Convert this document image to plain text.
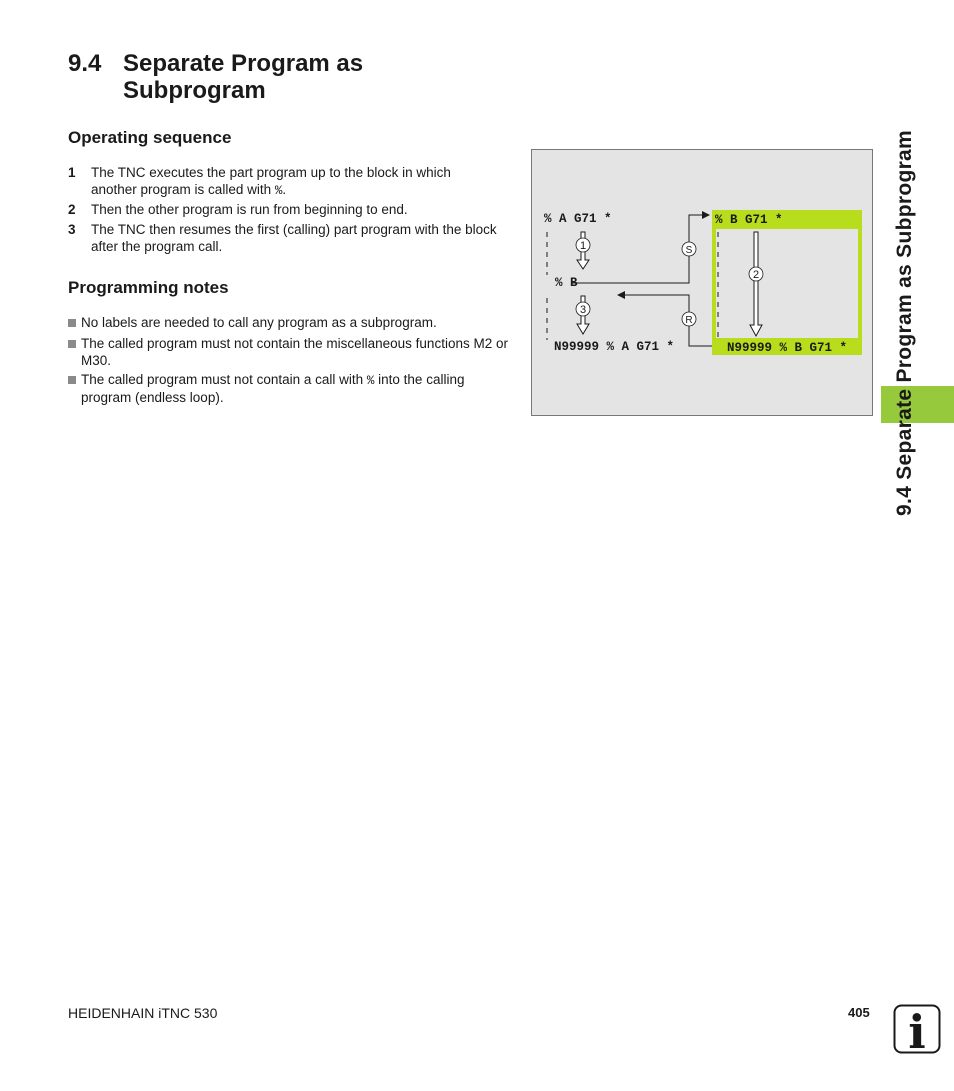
9.4 Separate Program as
Subprogram
Operating sequence
1 The TNC executes the part program up to the block in which another program is called with %.
2 Then the other program is run from beginning to end.
3 The TNC then resumes the first (calling) part program with the block after the program call.
Programming notes
No labels are needed to call any program as a subprogram.
The called program must not contain the miscellaneous functions M2 or M30.
The called program must not contain a call with % into the calling program (endless loop).
% A G71 *
% B
N99999 % A G71 *
% B G71 *
N99999 % B G71 *
1
3
2
S
R	9.4 Separate Program as Subprogram
HEIDENHAIN iTNC 530	405 i
